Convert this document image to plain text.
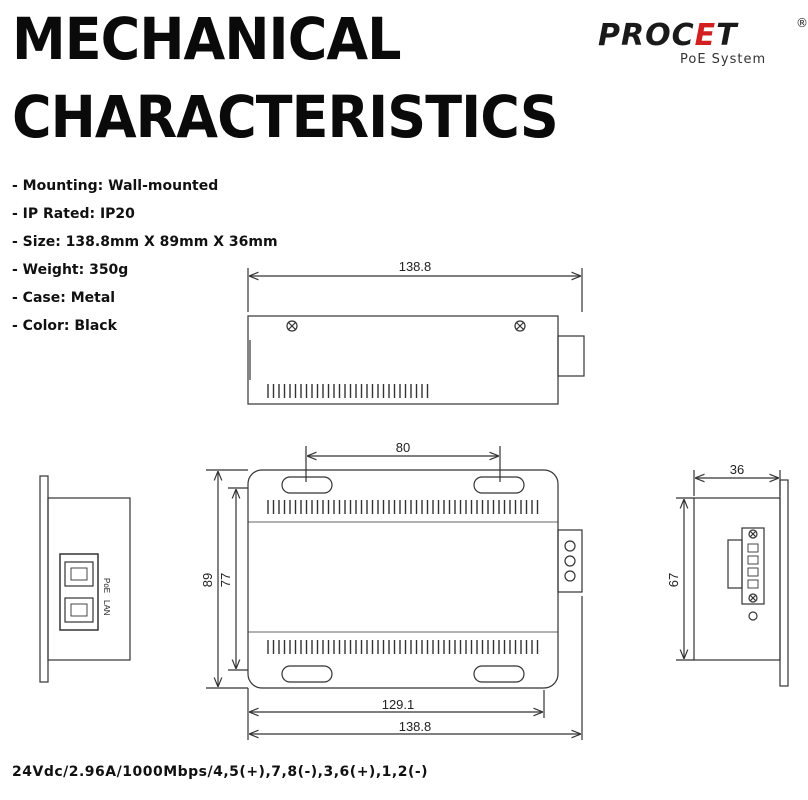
MECHANICAL
CHARACTERISTICS
PROCET	®
PoE System
- Mounting: Wall-mounted
- IP Rated: IP20
- Size: 138.8mm X 89mm X 36mm
- Weight: 350g
- Case: Metal
- Color: Black
138.8
PoE
LAN
80
89 77
129.1
138.8
36
67
24Vdc/2.96A/1000Mbps/4,5(+),7,8(-),3,6(+),1,2(-)
